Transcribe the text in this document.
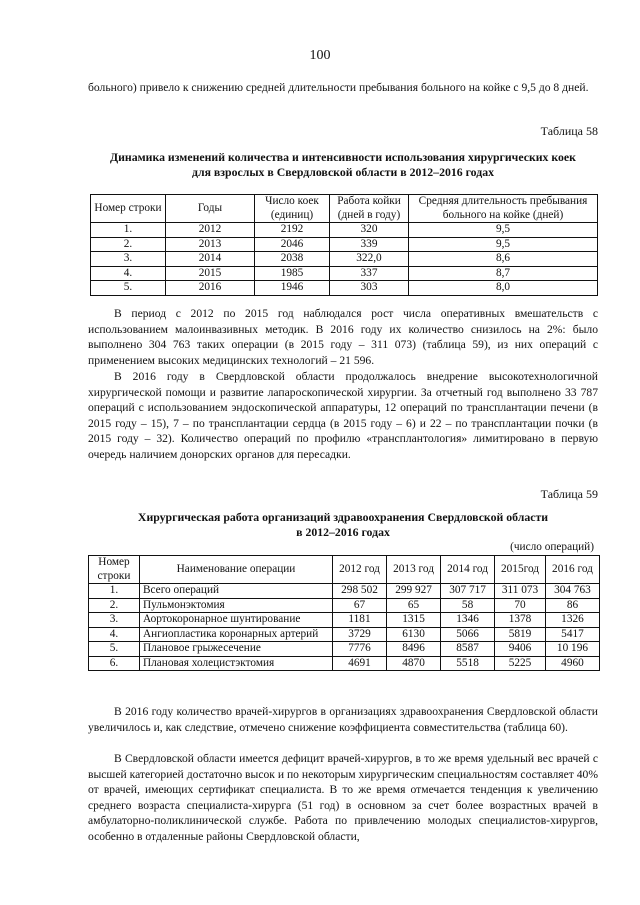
100

больного) привело к снижению средней длительности пребывания больного на койке с 9,5 до 8 дней.

Таблица 58
Динамика изменений количества и интенсивности использования хирургических коек
для взрослых в Свердловской области в 2012–2016 годах
Номер строки	Годы	Число коек (единиц)	Работа койки (дней в году)	Средняя длительность пребывания больного на койке (дней)
1.	2012	2192	320	9,5
2.	2013	2046	339	9,5
3.	2014	2038	322,0	8,6
4.	2015	1985	337	8,7
5.	2016	1946	303	8,0

В период с 2012 по 2015 год наблюдался рост числа оперативных вмешательств с использованием малоинвазивных методик. В 2016 году их количество снизилось на 2%: было выполнено 304 763 таких операции (в 2015 году – 311 073) (таблица 59), из них операций с применением высоких медицинских технологий – 21 596.

В 2016 году в Свердловской области продолжалось внедрение высокотехнологичной хирургической помощи и развитие лапароскопической хирургии. За отчетный год выполнено 33 787 операций с использованием эндоскопической аппаратуры, 12 операций по трансплантации печени (в 2015 году – 15), 7 – по трансплантации сердца (в 2015 году – 6) и 22 – по трансплантации почки (в 2015 году – 32). Количество операций по профилю «трансплантология» лимитировано в первую очередь наличием донорских органов для пересадки.

Таблица 59
Хирургическая работа организаций здравоохранения Свердловской области
в 2012–2016 годах
(число операций)
Номер строки	Наименование операции	2012 год	2013 год	2014 год	2015год	2016 год
1.	Всего операций	298 502	299 927	307 717	311 073	304 763
2.	Пульмонэктомия	67	65	58	70	86
3.	Аортокоронарное шунтирование	1181	1315	1346	1378	1326
4.	Ангиопластика коронарных артерий	3729	6130	5066	5819	5417
5.	Плановое грыжесечение	7776	8496	8587	9406	10 196
6.	Плановая холецистэктомия	4691	4870	5518	5225	4960

В 2016 году количество врачей-хирургов в организациях здравоохранения Свердловской области увеличилось и, как следствие, отмечено снижение коэффициента совместительства (таблица 60).

В Свердловской области имеется дефицит врачей-хирургов, в то же время удельный вес врачей с высшей категорией достаточно высок и по некоторым хирургическим специальностям составляет 40% от врачей, имеющих сертификат специалиста. В то же время отмечается тенденция к увеличению среднего возраста специалиста-хирурга (51 год) в основном за счет более возрастных врачей в амбулаторно-поликлинической службе. Работа по привлечению молодых специалистов-хирургов, особенно в отдаленные районы Свердловской области,
